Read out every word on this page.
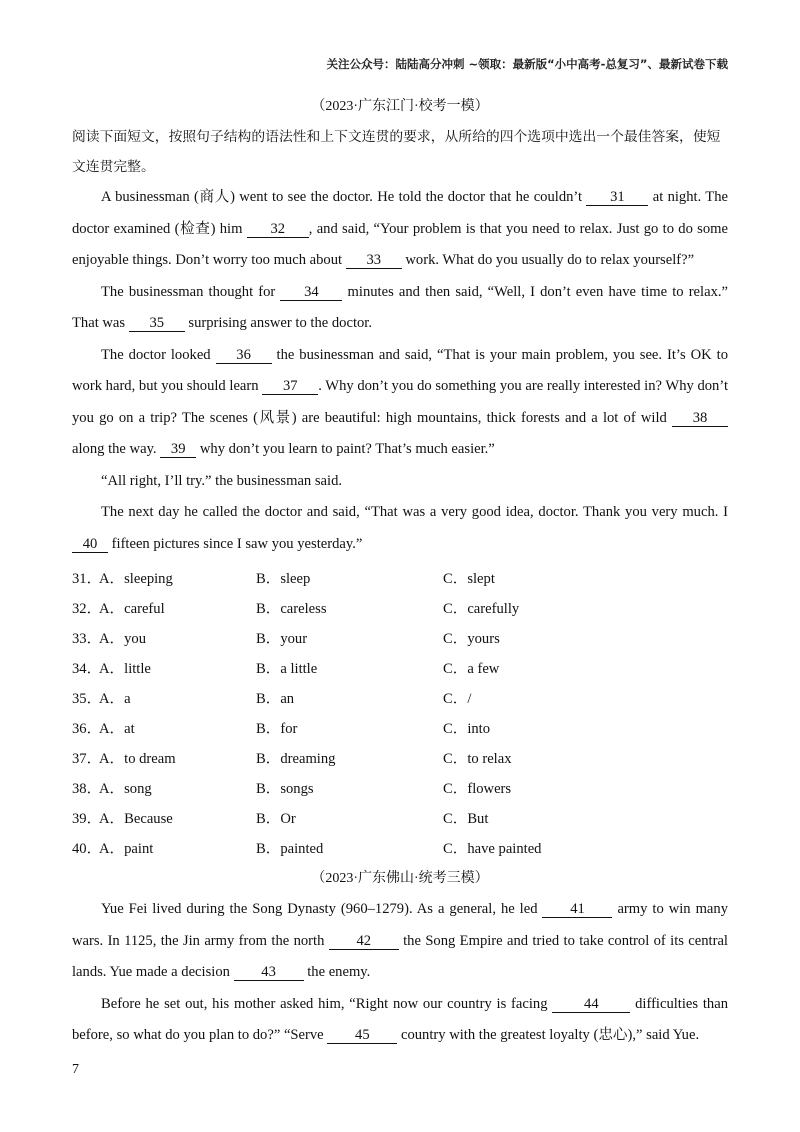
关注公众号：陆陆高分冲刺 ~领取：最新版“小中高考-总复习”、最新试卷下载
（2023·广东江门·校考一模）

阅读下面短文，按照句子结构的语法性和上下文连贯的要求，从所给的四个选项中选出一个最佳答案，使短文连贯完整。

A businessman (商人) went to see the doctor. He told the doctor that he couldn’t 31 at night. The doctor examined (检查) him 32 , and said, “Your problem is that you need to relax. Just go to do some enjoyable things. Don’t worry too much about 33 work. What do you usually do to relax yourself?”

The businessman thought for 34 minutes and then said, “Well, I don’t even have time to relax.” That was 35 surprising answer to the doctor.

The doctor looked 36 the businessman and said, “That is your main problem, you see. It’s OK to work hard, but you should learn 37 . Why don’t you do something you are really interested in? Why don’t you go on a trip? The scenes (风景) are beautiful: high mountains, thick forests and a lot of wild 38 along the way. 39 why don’t you learn to paint? That’s much easier.”

“All right, I’ll try.” the businessman said.

The next day he called the doctor and said, “That was a very good idea, doctor. Thank you very much. I 40 fifteen pictures since I saw you yesterday.”

31．
A．sleeping	B．sleep	C．slept
32．
A．careful	B．careless	C．carefully
33．
A．you	B．your	C．yours
34．
A．little	B．a little	C．a few
35．
A．a	B．an	C．/
36．
A．at	B．for	C．into
37．
A．to dream	B．dreaming	C．to relax
38．
A．song	B．songs	C．flowers
39．
A．Because	B．Or	C．But
40．
A．paint	B．painted	C．have painted
（2023·广东佛山·统考三模）

Yue Fei lived during the Song Dynasty (960–1279). As a general, he led 41 army to win many wars. In 1125, the Jin army from the north 42 the Song Empire and tried to take control of its central lands. Yue made a decision 43 the enemy.

Before he set out, his mother asked him, “Right now our country is facing 44 difficulties than before, so what do you plan to do?” “Serve 45 country with the greatest loyalty (忠心),” said Yue.

7
